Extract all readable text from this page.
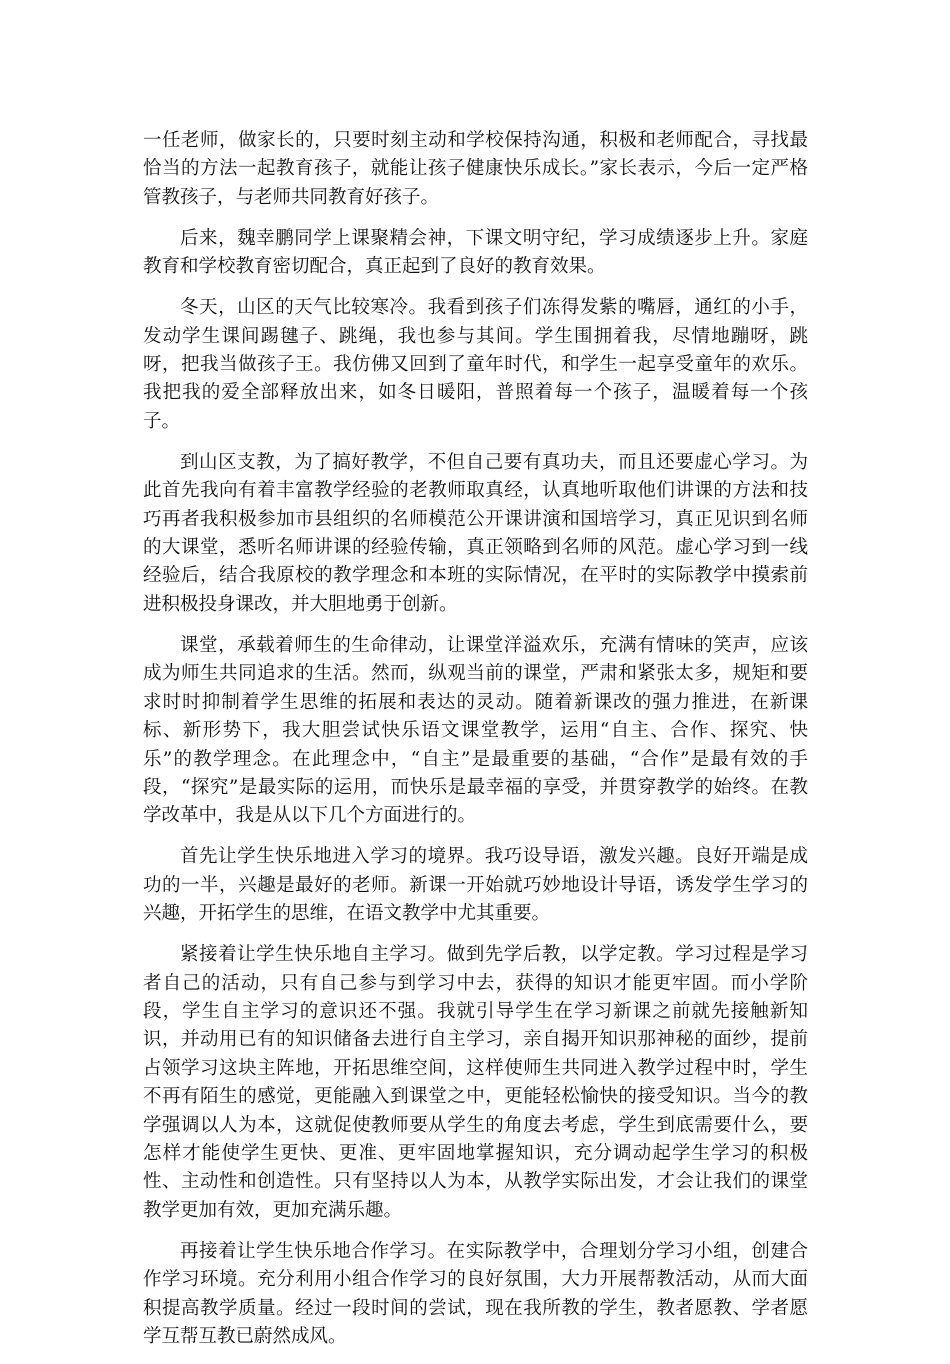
一任老师，做家长的，只要时刻主动和学校保持沟通，积极和老师配合，寻找最恰当的方法一起教育孩子，就能让孩子健康快乐成长。”家长表示，今后一定严格管教孩子，与老师共同教育好孩子。

后来，魏幸鹏同学上课聚精会神，下课文明守纪，学习成绩逐步上升。家庭教育和学校教育密切配合，真正起到了良好的教育效果。

冬天，山区的天气比较寒冷。我看到孩子们冻得发紫的嘴唇，通红的小手，发动学生课间踢毽子、跳绳，我也参与其间。学生围拥着我，尽情地蹦呀，跳呀，把我当做孩子王。我仿佛又回到了童年时代，和学生一起享受童年的欢乐。我把我的爱全部释放出来，如冬日暖阳，普照着每一个孩子，温暖着每一个孩子。

到山区支教，为了搞好教学，不但自己要有真功夫，而且还要虚心学习。为此首先我向有着丰富教学经验的老教师取真经，认真地听取他们讲课的方法和技巧再者我积极参加市县组织的名师模范公开课讲演和国培学习，真正见识到名师的大课堂，悉听名师讲课的经验传输，真正领略到名师的风范。虚心学习到一线经验后，结合我原校的教学理念和本班的实际情况，在平时的实际教学中摸索前进积极投身课改，并大胆地勇于创新。

课堂，承载着师生的生命律动，让课堂洋溢欢乐，充满有情味的笑声，应该成为师生共同追求的生活。然而，纵观当前的课堂，严肃和紧张太多，规矩和要求时时抑制着学生思维的拓展和表达的灵动。随着新课改的强力推进，在新课标、新形势下，我大胆尝试快乐语文课堂教学，运用“自主、合作、探究、快乐”的教学理念。在此理念中，“自主”是最重要的基础，“合作”是最有效的手段，“探究”是最实际的运用，而快乐是最幸福的享受，并贯穿教学的始终。在教学改革中，我是从以下几个方面进行的。

首先让学生快乐地进入学习的境界。我巧设导语，激发兴趣。良好开端是成功的一半，兴趣是最好的老师。新课一开始就巧妙地设计导语，诱发学生学习的兴趣，开拓学生的思维，在语文教学中尤其重要。

紧接着让学生快乐地自主学习。做到先学后教，以学定教。学习过程是学习者自己的活动，只有自己参与到学习中去，获得的知识才能更牢固。而小学阶段，学生自主学习的意识还不强。我就引导学生在学习新课之前就先接触新知识，并动用已有的知识储备去进行自主学习，亲自揭开知识那神秘的面纱，提前占领学习这块主阵地，开拓思维空间，这样使师生共同进入教学过程中时，学生不再有陌生的感觉，更能融入到课堂之中，更能轻松愉快的接受知识。当今的教学强调以人为本，这就促使教师要从学生的角度去考虑，学生到底需要什么，要怎样才能使学生更快、更准、更牢固地掌握知识，充分调动起学生学习的积极性、主动性和创造性。只有坚持以人为本，从教学实际出发，才会让我们的课堂教学更加有效，更加充满乐趣。

再接着让学生快乐地合作学习。在实际教学中，合理划分学习小组，创建合作学习环境。充分利用小组合作学习的良好氛围，大力开展帮教活动，从而大面积提高教学质量。经过一段时间的尝试，现在我所教的学生，教者愿教、学者愿学互帮互教已蔚然成风。
